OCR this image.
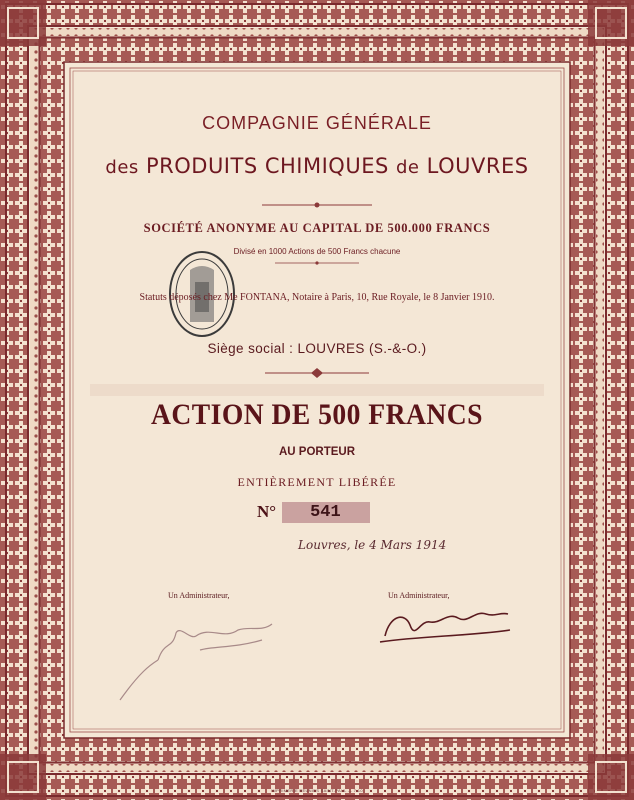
COMPAGNIE GÉNÉRALE
des PRODUITS CHIMIQUES de LOUVRES
SOCIÉTÉ ANONYME AU CAPITAL DE 500.000 FRANCS
Divisé en 1000 Actions de 500 Francs chacune
Statuts déposés chez Me FONTANA, Notaire à Paris, 10, Rue Royale, le 8 Janvier 1910.
Siège social : LOUVRES (S.-&-O.)
ACTION DE 500 FRANCS
AU PORTEUR
ENTIÈREMENT LIBÉRÉE
N°	541
Louvres, le 4 Mars 1914
Un Administrateur,	Un Administrateur,
IMPRIMERIE RÉUNIES SAINT-PAUL — 7-10
